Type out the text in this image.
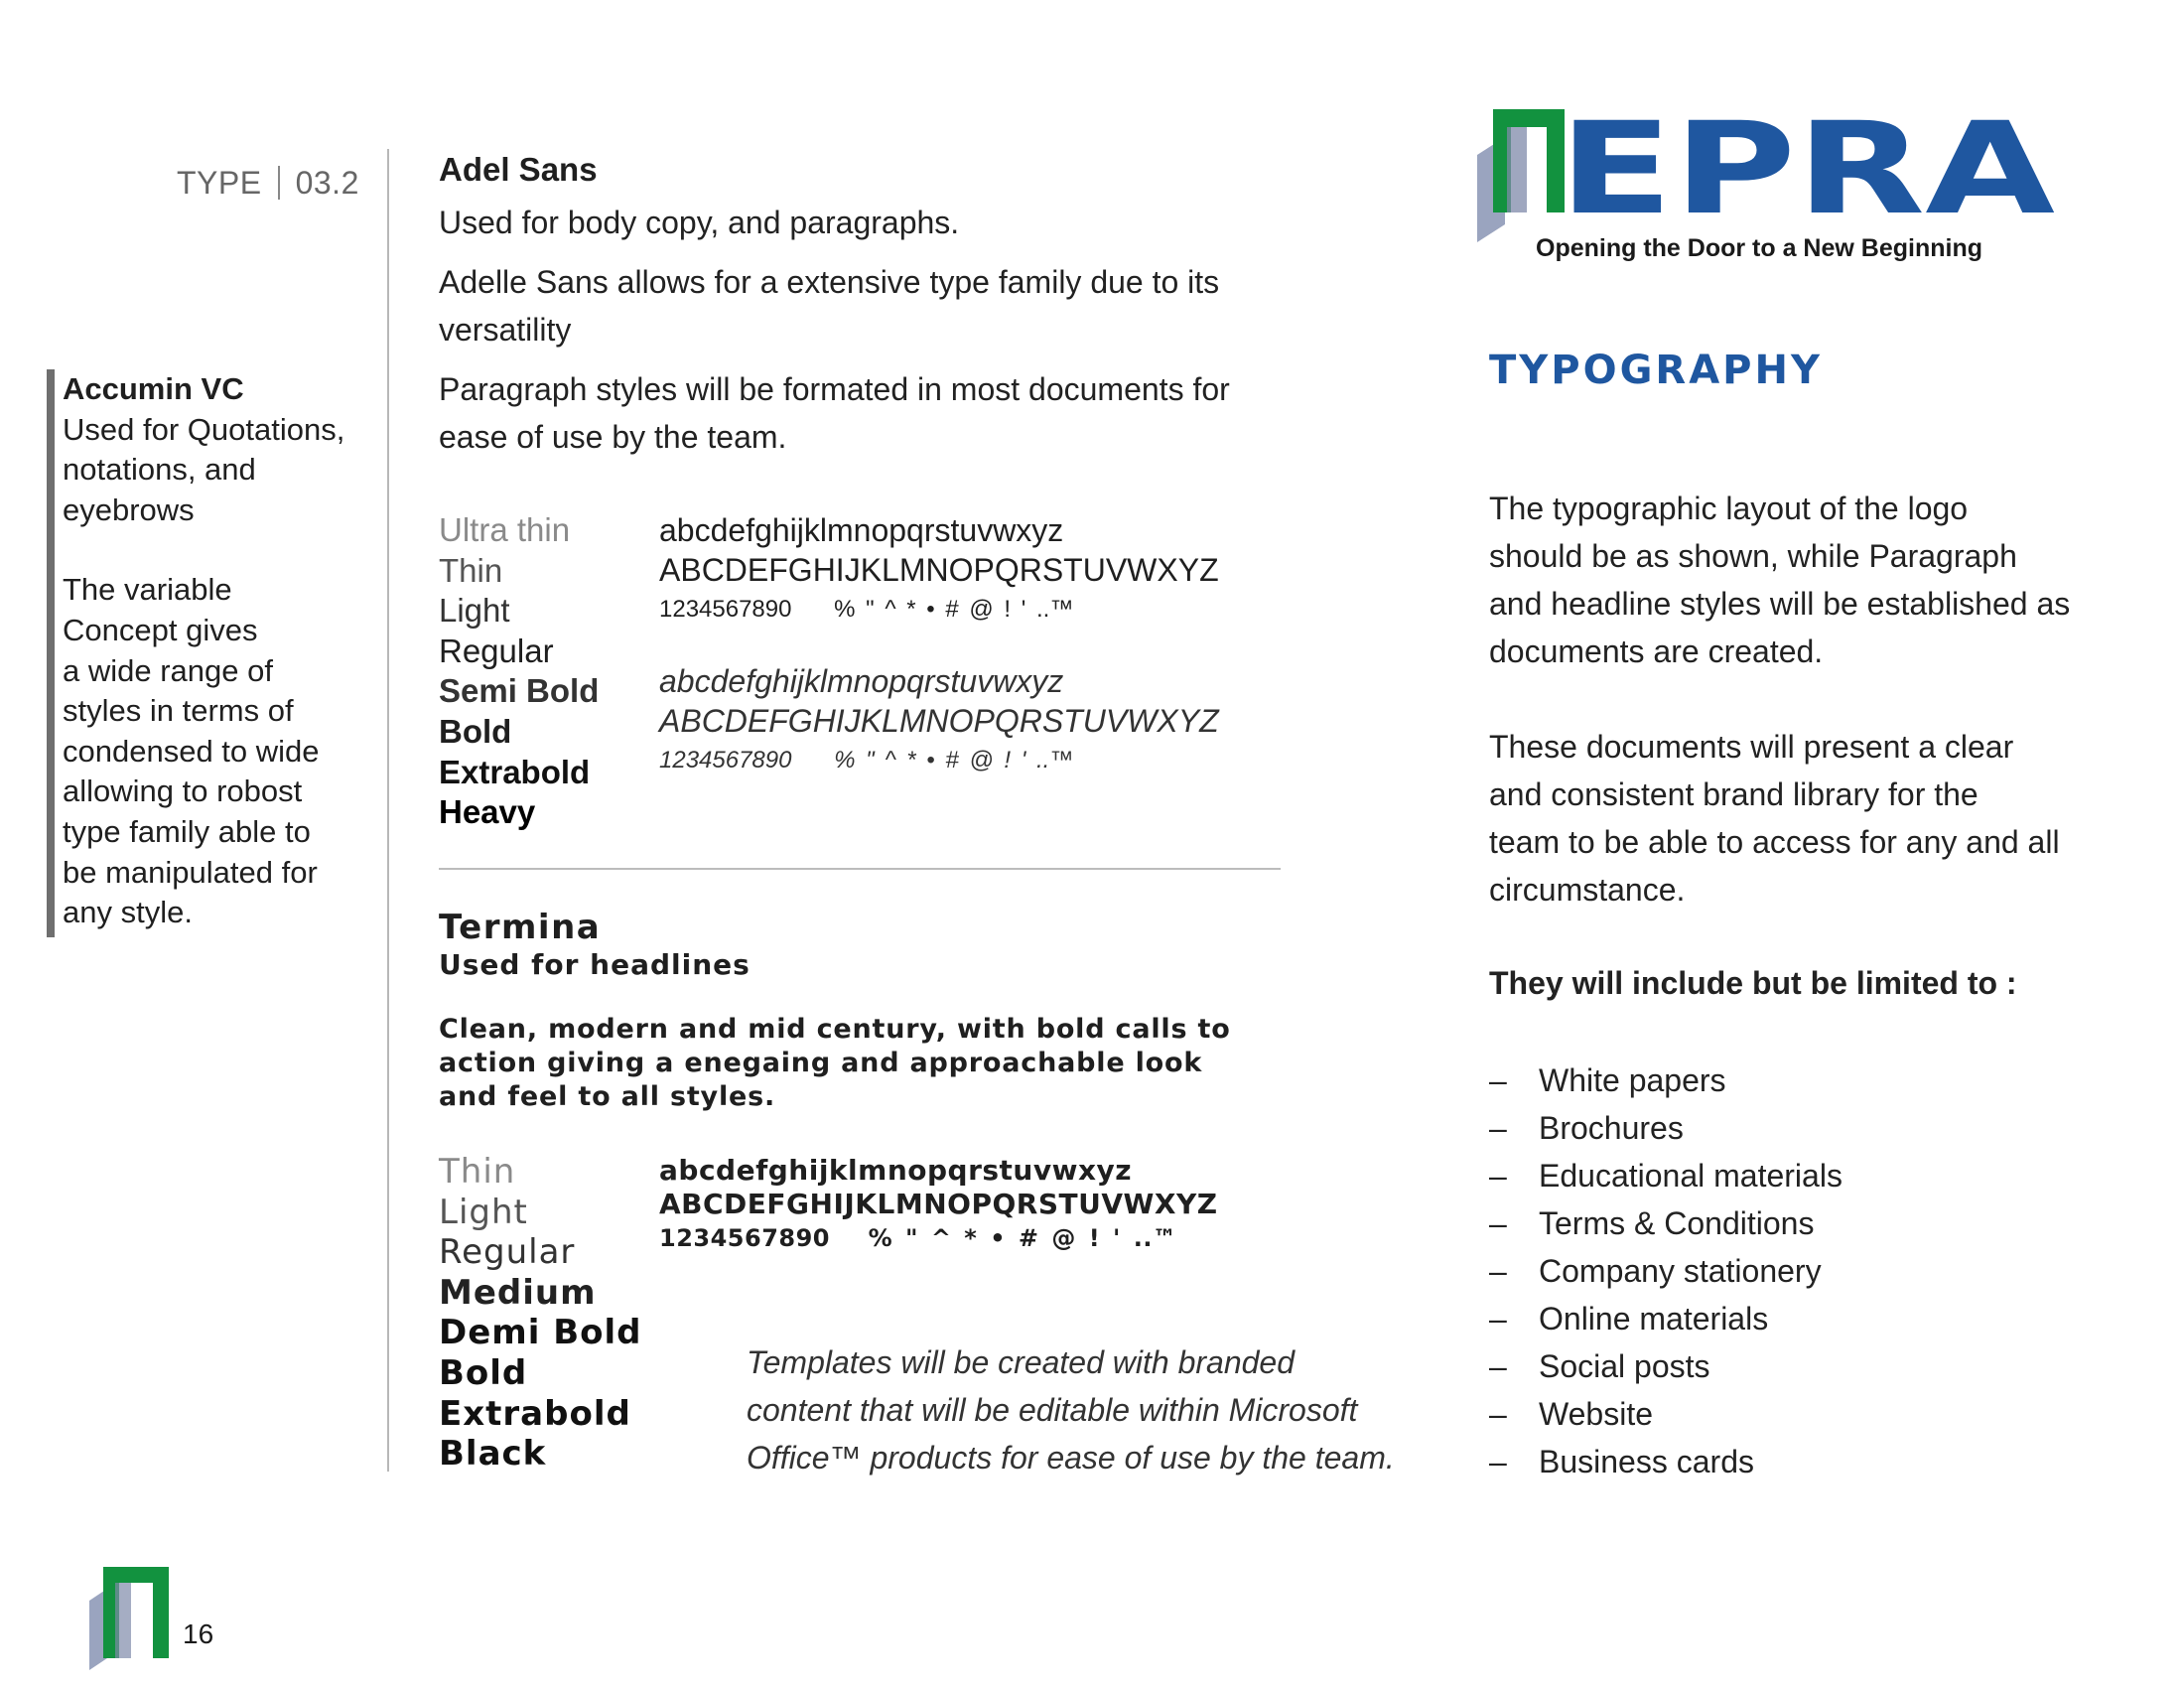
TYPE 03.2

Accumin VC

Used for Quotations,

notations, and

eyebrows

The variable

Concept gives

a wide range of

styles in terms of

condensed to wide

allowing to robost

type family able to

be manipulated for

any style.

Adel Sans
Used for body copy, and paragraphs.
Adelle Sans allows for a extensive type family due to its
versatility
Paragraph styles will be formated in most documents for
ease of use by the team.
Ultra thin
Thin
Light
Regular
Semi Bold
Bold
Extrabold
Heavy
abcdefghijklmnopqrstuvwxyz
ABCDEFGHIJKLMNOPQRSTUVWXYZ
1234567890 % " ^ * • # @ ! ' ..™
abcdefghijklmnopqrstuvwxyz
ABCDEFGHIJKLMNOPQRSTUVWXYZ
1234567890 % " ^ * • # @ ! ' ..™
Termina
Used for headlines
Clean, modern and mid century, with bold calls to
action giving a enegaing and approachable look
and feel to all styles.
Thin
Light
Regular
Medium
Demi Bold
Bold
Extrabold
Black
abcdefghijklmnopqrstuvwxyz
ABCDEFGHIJKLMNOPQRSTUVWXYZ
1234567890 % " ^ * • # @ ! ' ..™
Templates will be created with branded
content that will be editable within Microsoft
Office™ products for ease of use by the team.
EPRA
Opening the Door to a New Beginning
TYPOGRAPHY
The typographic layout of the logo
should be as shown, while Paragraph
and headline styles will be established as
documents are created.
These documents will present a clear
and consistent brand library for the
team to be able to access for any and all
circumstance.
They will include but be limited to :
– White papers
– Brochures
– Educational materials
– Terms & Conditions
– Company stationery
– Online materials
– Social posts
– Website
– Business cards
16
